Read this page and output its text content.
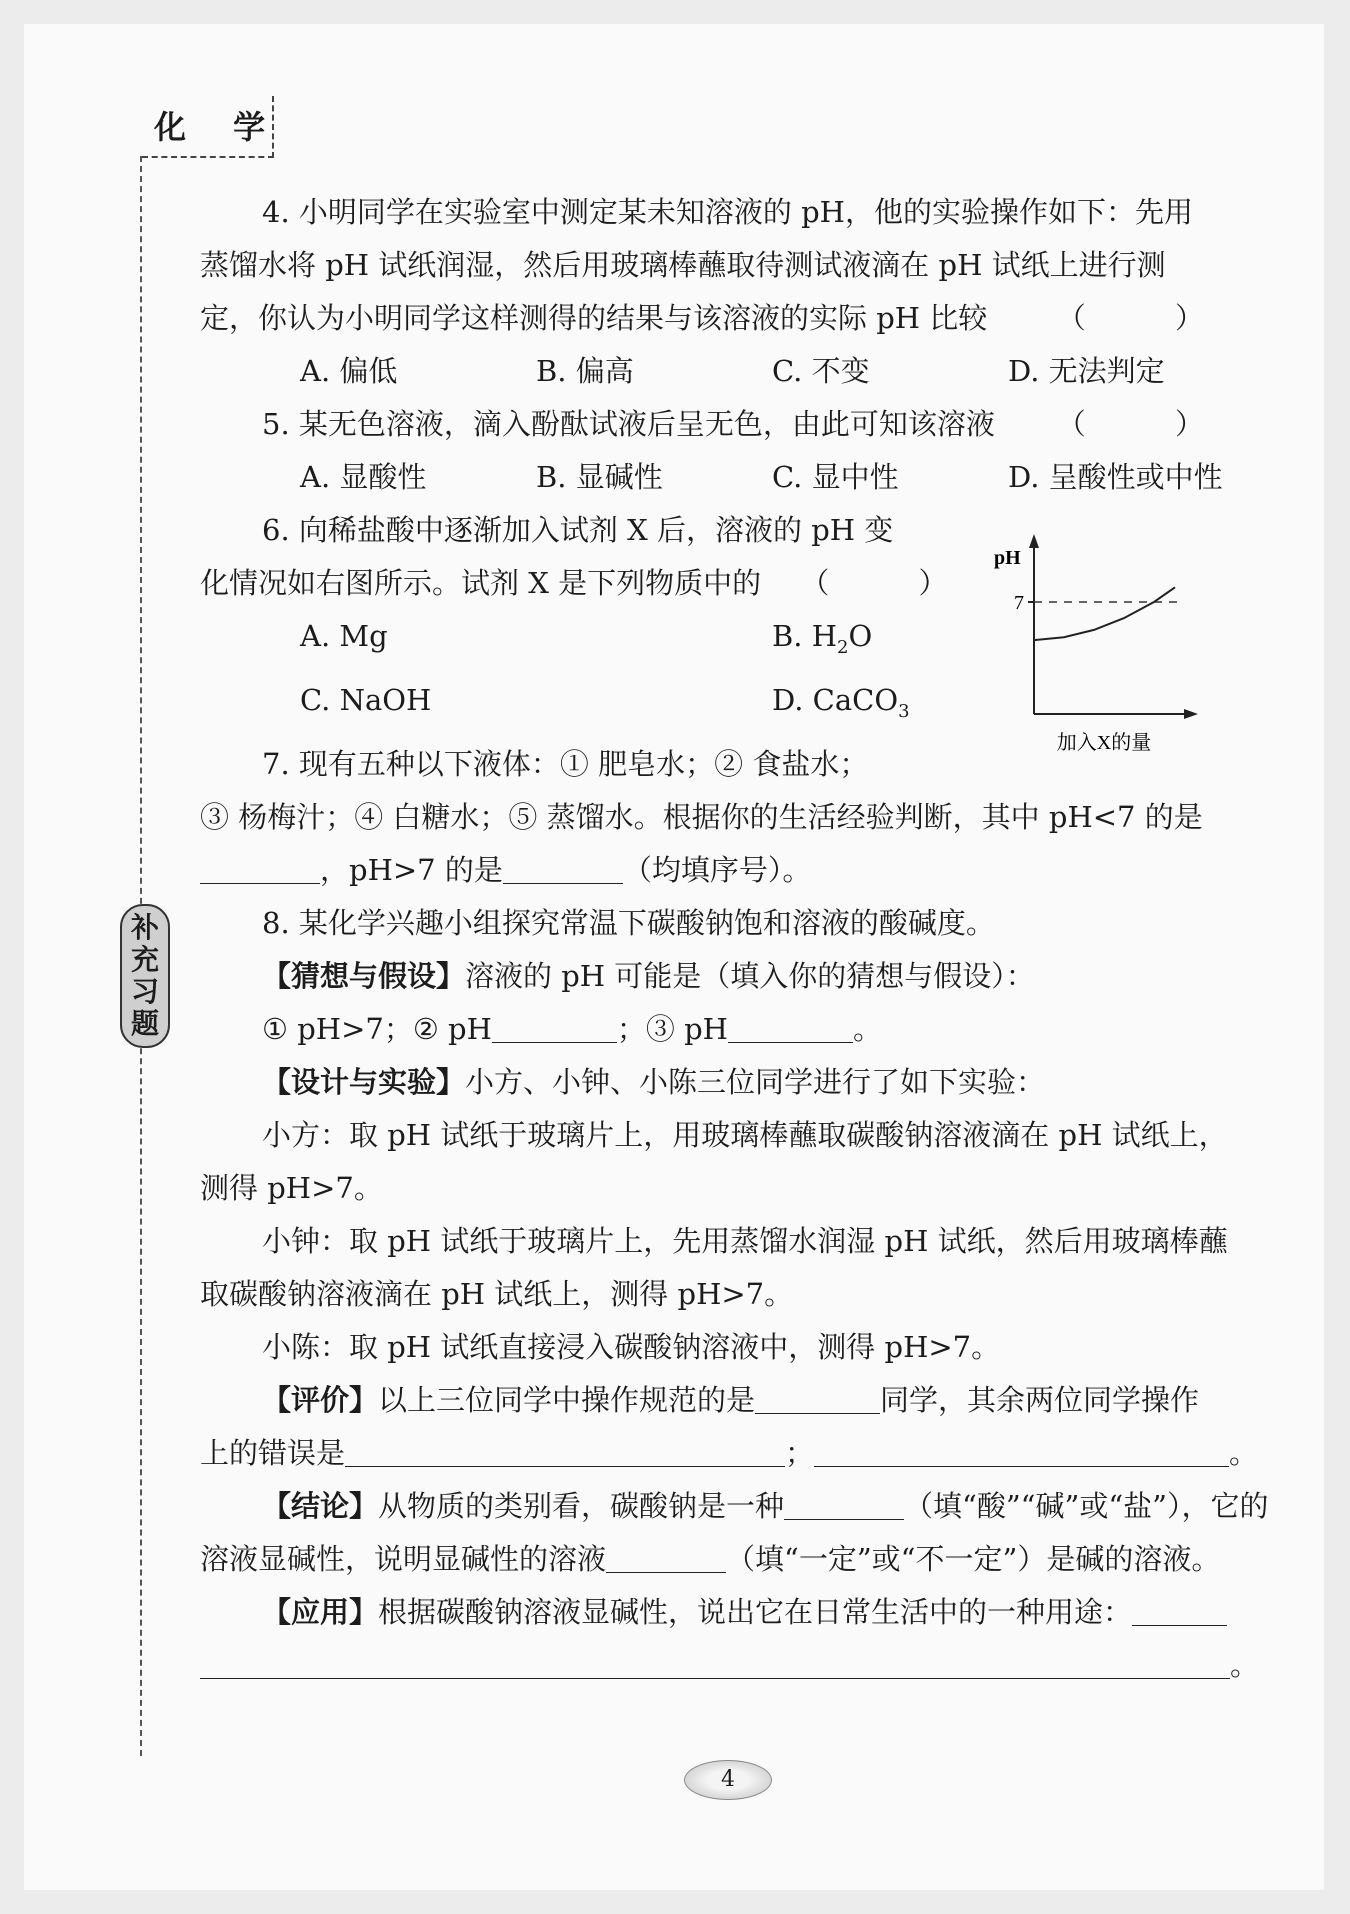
化 学
补
充
习
题

4. 小明同学在实验室中测定某未知溶液的 pH，他的实验操作如下：先用

蒸馏水将 pH 试纸润湿，然后用玻璃棒蘸取待测试液滴在 pH 试纸上进行测

定，你认为小明同学这样测得的结果与该溶液的实际 pH 比较 （ ）

A. 偏低	B. 偏高	C. 不变	D. 无法判定

5. 某无色溶液，滴入酚酞试液后呈无色，由此可知该溶液 （ ）

A. 显酸性	B. 显碱性	C. 显中性	D. 呈酸性或中性

6. 向稀盐酸中逐渐加入试剂 X 后，溶液的 pH 变

化情况如右图所示。试剂 X 是下列物质中的 （ ）

A. Mg	B. $H_2O$
C. NaOH	D. CaCO$_3$

7. 现有五种以下液体：① 肥皂水；② 食盐水；

③ 杨梅汁；④ 白糖水；⑤ 蒸馏水。根据你的生活经验判断，其中 pH<7 的是

，pH>7 的是	（均填序号）。

8. 某化学兴趣小组探究常温下碳酸钠饱和溶液的酸碱度。

【猜想与假设】溶液的 pH 可能是（填入你的猜想与假设）：

① pH>7；② pH	；③ pH	。

【设计与实验】小方、小钟、小陈三位同学进行了如下实验：

小方：取 pH 试纸于玻璃片上，用玻璃棒蘸取碳酸钠溶液滴在 pH 试纸上，

测得 pH>7。

小钟：取 pH 试纸于玻璃片上，先用蒸馏水润湿 pH 试纸，然后用玻璃棒蘸

取碳酸钠溶液滴在 pH 试纸上，测得 pH>7。

小陈：取 pH 试纸直接浸入碳酸钠溶液中，测得 pH>7。

【评价】以上三位同学中操作规范的是	同学，其余两位同学操作

上的错误是	；	。

【结论】从物质的类别看，碳酸钠是一种	（填“酸”“碱”或“盐”），它的

溶液显碱性，说明显碱性的溶液	（填“一定”或“不一定”）是碱的溶液。

【应用】根据碳酸钠溶液显碱性，说出它在日常生活中的一种用途：

。

pH
加入X的量
7
4
